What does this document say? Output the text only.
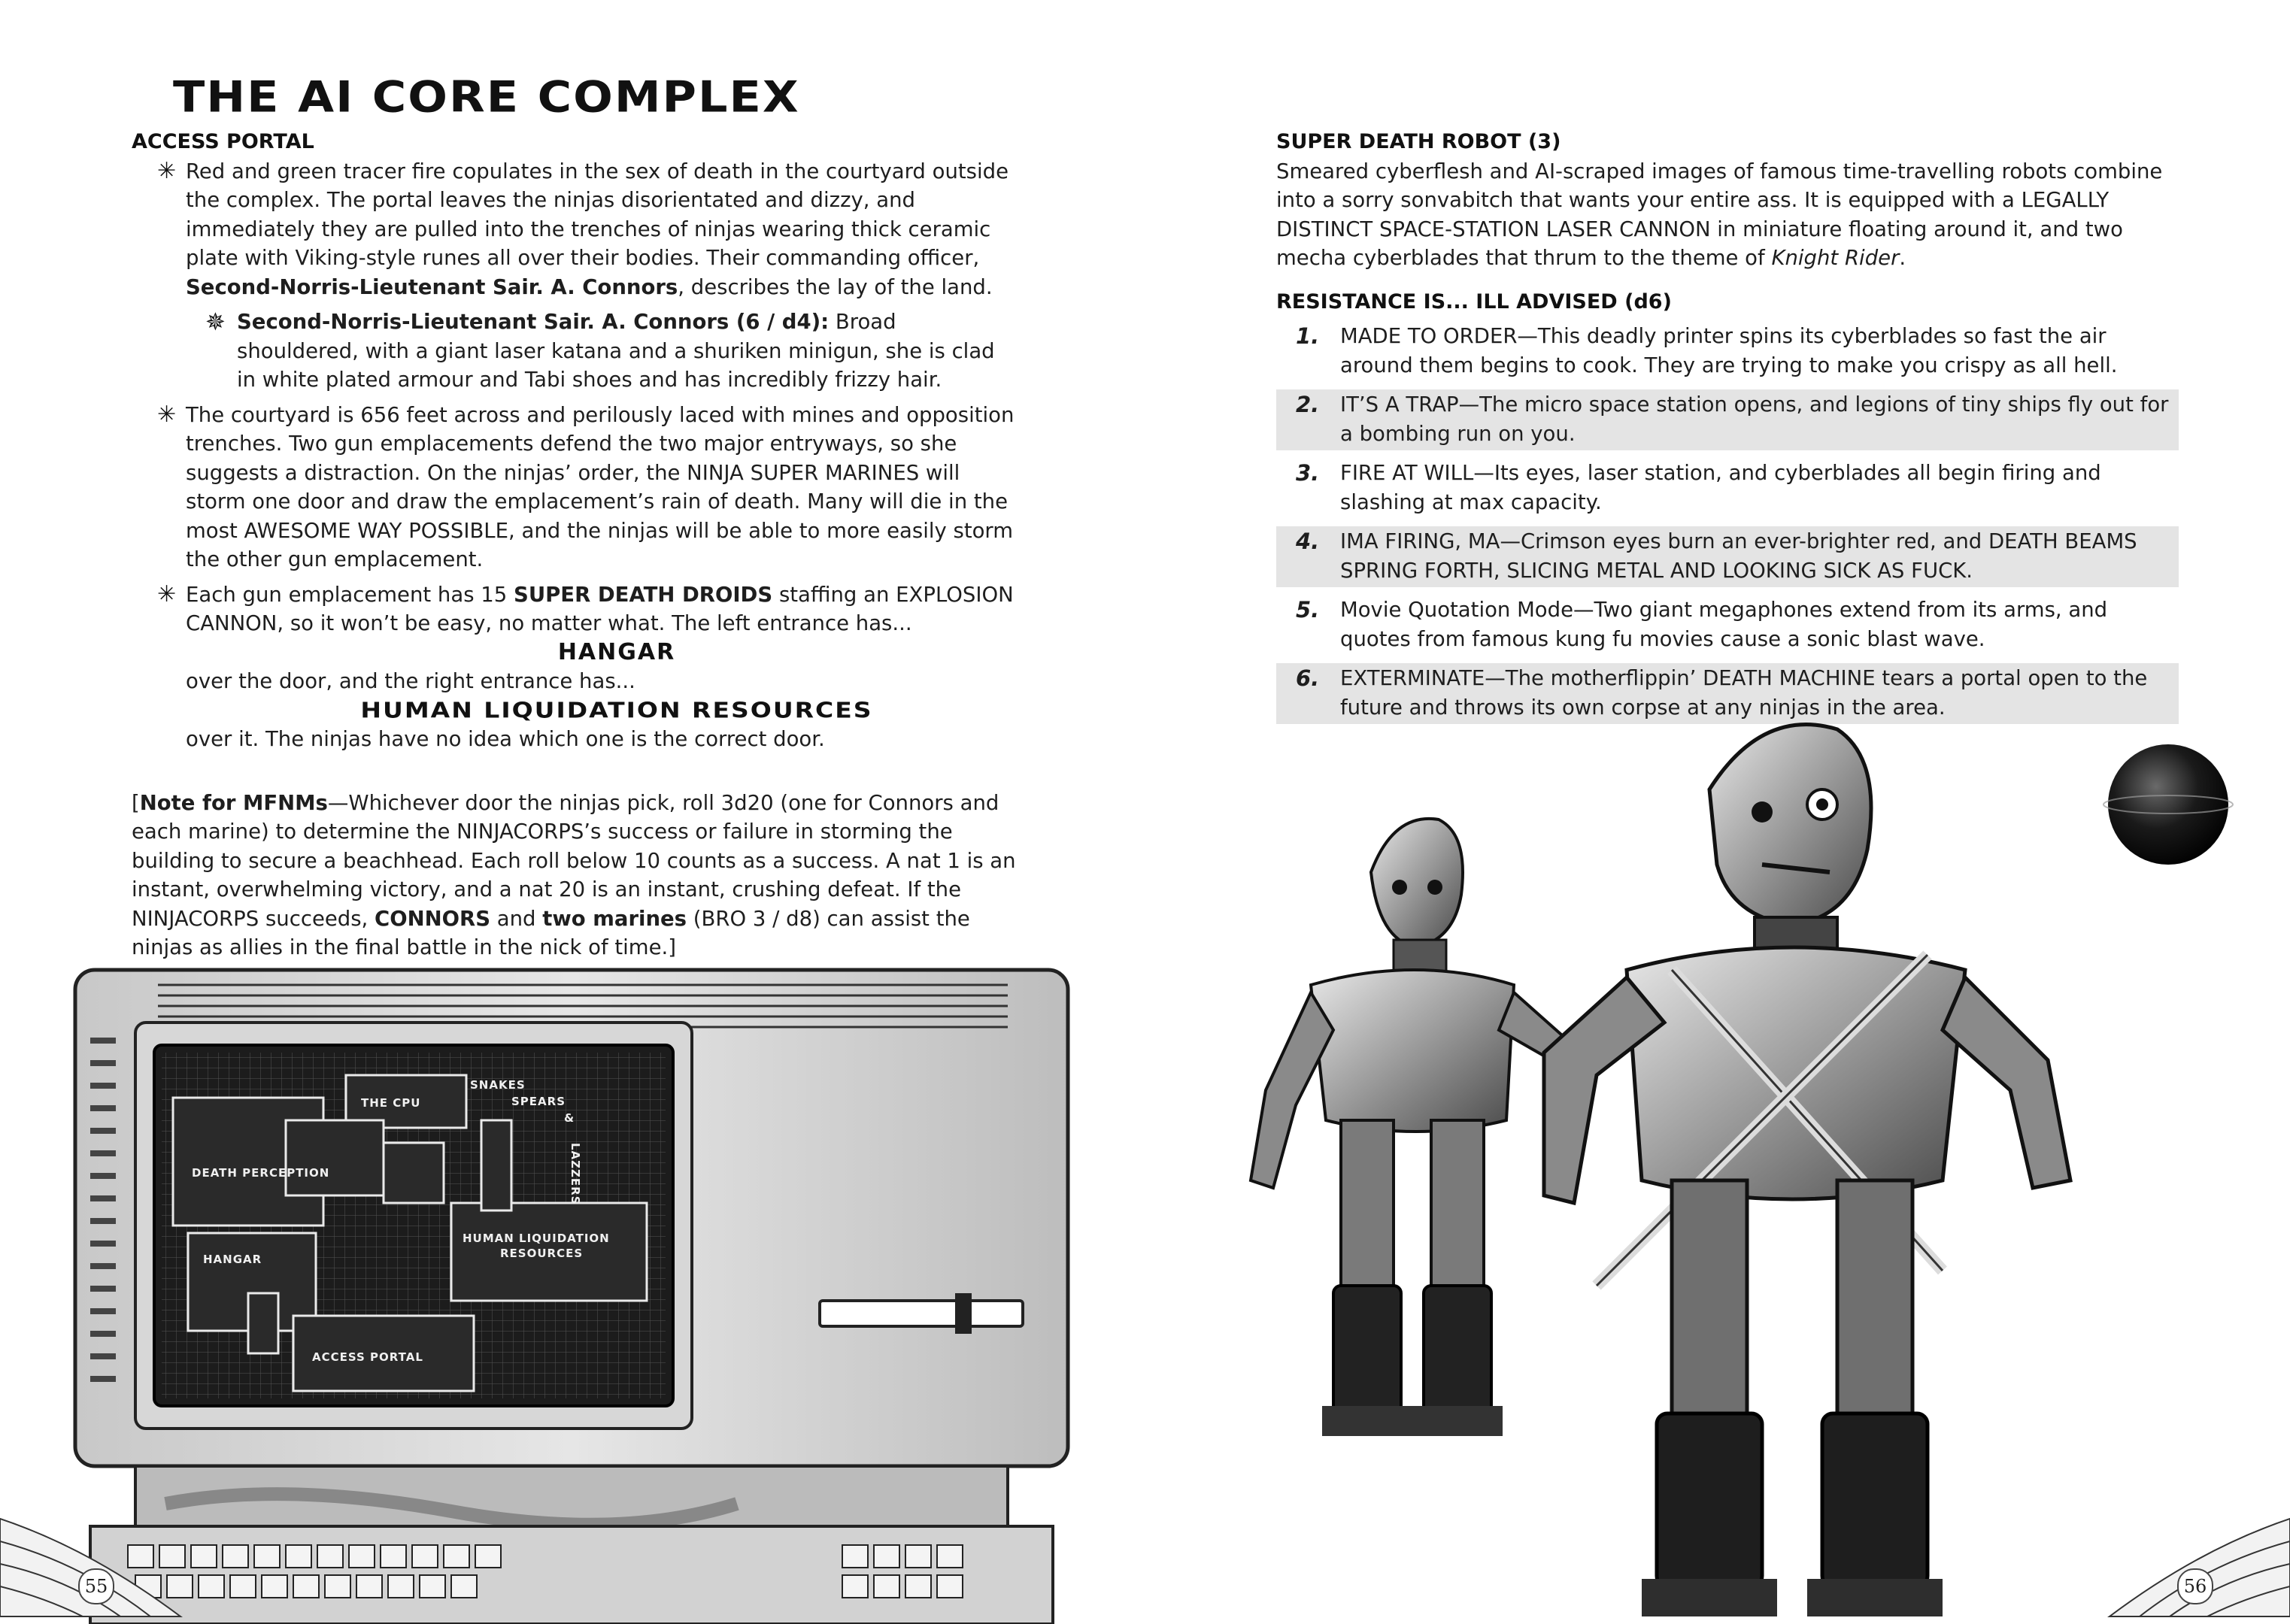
THE AI CORE COMPLEX

ACCESS PORTAL

✳ Red and green tracer fire copulates in the sex of death in the courtyard outside the complex. The portal leaves the ninjas disorientated and dizzy, and immediately they are pulled into the trenches of ninjas wearing thick ceramic plate with Viking-style runes all over their bodies. Their commanding officer, Second-Norris-Lieutenant Sair. A. Connors, describes the lay of the land.
✵ Second-Norris-Lieutenant Sair. A. Connors (6 / d4): Broad shouldered, with a giant laser katana and a shuriken minigun, she is clad in white plated armour and Tabi shoes and has incredibly frizzy hair.
✳ The courtyard is 656 feet across and perilously laced with mines and opposition trenches. Two gun emplacements defend the two major entryways, so she suggests a distraction. On the ninjas’ order, the NINJA SUPER MARINES will storm one door and draw the emplacement’s rain of death. Many will die in the most AWESOME WAY POSSIBLE, and the ninjas will be able to more easily storm the other gun emplacement.
✳ Each gun emplacement has 15 SUPER DEATH DROIDS staffing an EXPLOSION CANNON, so it won’t be easy, no matter what. The left entrance has...

HANGAR

over the door, and the right entrance has...

HUMAN LIQUIDATION RESOURCES

over it. The ninjas have no idea which one is the correct door.

[Note for MFNMs—Whichever door the ninjas pick, roll 3d20 (one for Connors and each marine) to determine the NINJACORPS’s success or failure in storming the building to secure a beachhead. Each roll below 10 counts as a success. A nat 1 is an instant, overwhelming victory, and a nat 20 is an instant, crushing defeat. If the NINJACORPS succeeds, CONNORS and two marines (BRO 3 / d8) can assist the ninjas as allies in the final battle in the nick of time.]

THE CPU
SNAKES
SPEARS
&
LAZZERS
DEATH PERCEPTION
HUMAN LIQUIDATION
RESOURCES
HANGAR
ACCESS PORTAL
55

SUPER DEATH ROBOT (3)

Smeared cyberflesh and AI-scraped images of famous time-travelling robots combine into a sorry sonvabitch that wants your entire ass. It is equipped with a LEGALLY DISTINCT SPACE-STATION LASER CANNON in miniature floating around it, and two mecha cyberblades that thrum to the theme of Knight Rider.

RESISTANCE IS... ILL ADVISED (d6)

1. MADE TO ORDER—This deadly printer spins its cyberblades so fast the air around them begins to cook. They are trying to make you crispy as all hell.
2. IT’S A TRAP—The micro space station opens, and legions of tiny ships fly out for a bombing run on you.
3. FIRE AT WILL—Its eyes, laser station, and cyberblades all begin firing and slashing at max capacity.
4. IMA FIRING, MA—Crimson eyes burn an ever-brighter red, and DEATH BEAMS SPRING FORTH, SLICING METAL AND LOOKING SICK AS FUCK.
5. Movie Quotation Mode—Two giant megaphones extend from its arms, and quotes from famous kung fu movies cause a sonic blast wave.
6. EXTERMINATE—The motherflippin’ DEATH MACHINE tears a portal open to the future and throws its own corpse at any ninjas in the area.
56
